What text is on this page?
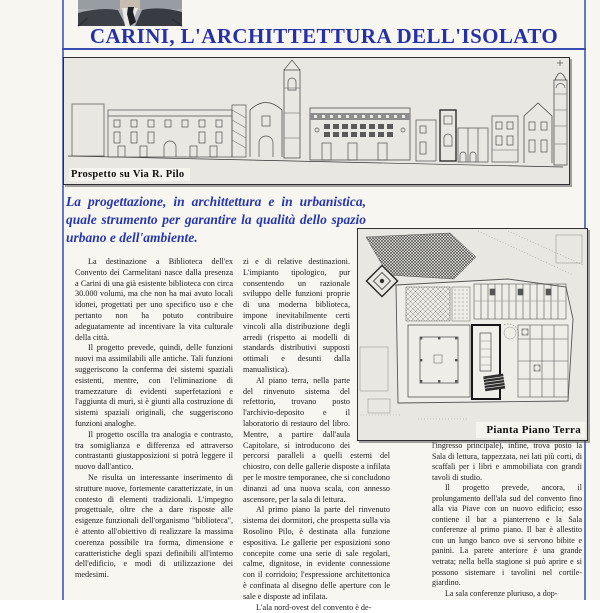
CARINI, L'ARCHITTETTURA DELL'ISOLATO
Prospetto su Via R. Pilo
La progettazione, in archittettura e in urbanistica, quale strumento per garantire la qualità dello spazio urbano e dell'ambiente.
Pianta Piano Terra

La destinazione a Biblioteca dell'ex Convento dei Carmelitani nasce dalla presenza a Carini di una già esistente biblioteca con circa 30.000 volumi, ma che non ha mai avuto locali idonei, progettati per uno specifico uso e che pertanto non ha potuto contribuire adeguatamente ad incentivare la vita culturale della città.

Il progetto prevede, quindi, delle funzioni nuovi ma assimilabili alle antiche. Tali funzioni suggeriscono la conferma dei sistemi spaziali esistenti, mentre, con l'eliminazione di tramezzature di evidenti superfetazioni e l'aggiunta di muri, si è giunti alla costruzione di sistemi spaziali originali, che suggeriscono funzioni analoghe.

Il progetto oscilla tra analogia e contrasto, tra somiglianza e differenza ed attraverso contrastanti giustapposizioni si potrà leggere il nuovo dall'antico.

Ne risulta un interessante inserimento di strutture nuove, fortemente caratterizzate, in un contesto di elementi tradizionali. L'impegno progettuale, oltre che a dare risposte alle esigenze funzionali dell'organismo "biblioteca", è attento all'obiettivo di realizzare la massima coerenza possibile tra forma, dimensione e caratteristiche degli spazi definibili all'interno dell'edificio, e modi di utilizzazione dei medesimi.

zi e di relative destinazioni. L'impianto tipologico, pur consentendo un razionale sviluppo delle funzioni proprie di una moderna biblioteca, impone inevitabilmente certi vincoli alla distribuzione degli arredi (rispetto ai modelli di standards distributivi supposti ottimali e desunti dalla manualistica).

Al piano terra, nella parte del rinvenuto sistema del refettorio, trovano posto l'archivio-deposito e il laboratorio di restauro del libro. Mentre, a partire dall'aula Capitolare, si introducono dei percorsi paralleli a quelli esterni del chiostro, con delle gallerie disposte a infilata per le mostre temporanee, che si concludono dinanzi ad una nuova scala, con annesso ascensore, per la sala di lettura.

Al primo piano la parte del rinvenuto sistema dei dormitori, che prospetta sulla via Rosolino Pilo, è destinata alla funzione espositiva. Le gallerie per esposizioni sono concepite come una serie di sale regolari, calme, dignitose, in evidente connessione con il corridoio; l'espressione architettonica è confinata al disegno delle aperture con le sale e disposte ad infilata.

L'ala nord-ovest del convento è de-

l'ingresso principale), infine, trova posto la Sala di lettura, tappezzata, nei lati più corti, di scaffali per i libri e ammobiliata con grandi tavoli di studio.

Il progetto prevede, ancora, il prolungamento dell'ala sud del convento fino alla via Piave con un nuovo edificio; esso contiene il bar a pianterreno e la Sala conferenze al primo piano. Il bar è allestito con un lungo banco ove si servono bibite e panini. La parete anteriore è una grande vetrata; nella bella stagione si può aprire e si possono sistemare i tavolini nel cortile-giardino.

La sala conferenze pluriuso, a dop-
